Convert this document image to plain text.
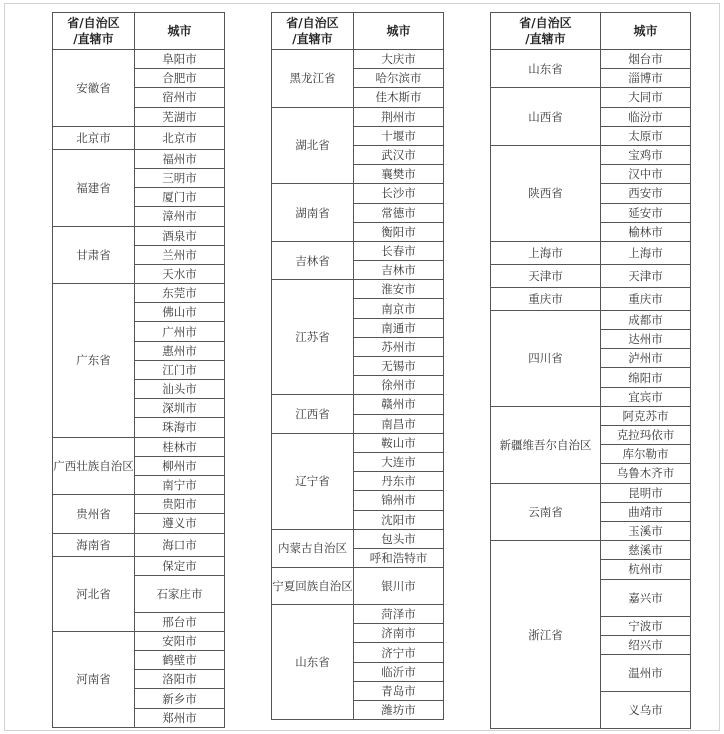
省/自治区
/直辖市	城市
安徽省	阜阳市
	合肥市
	宿州市
	芜湖市
北京市	北京市
福建省	福州市
	三明市
	厦门市
	漳州市
甘肃省	酒泉市
	兰州市
	天水市
广东省	东莞市
	佛山市
	广州市
	惠州市
	江门市
	汕头市
	深圳市
	珠海市
广西壮族自治区	桂林市
	柳州市
	南宁市
贵州省	贵阳市
	遵义市
海南省	海口市
河北省	保定市
	石家庄市
	邢台市
河南省	安阳市
	鹤壁市
	洛阳市
	新乡市
	郑州市
省/自治区
/直辖市	城市
黑龙江省	大庆市
	哈尔滨市
	佳木斯市
湖北省	荆州市
	十堰市
	武汉市
	襄樊市
湖南省	长沙市
	常德市
	衡阳市
吉林省	长春市
	吉林市
江苏省	淮安市
	南京市
	南通市
	苏州市
	无锡市
	徐州市
江西省	赣州市
	南昌市
辽宁省	鞍山市
	大连市
	丹东市
	锦州市
	沈阳市
内蒙古自治区	包头市
	呼和浩特市
宁夏回族自治区	银川市
山东省	菏泽市
	济南市
	济宁市
	临沂市
	青岛市
	潍坊市
省/自治区
/直辖市	城市
山东省	烟台市
	淄博市
山西省	大同市
	临汾市
	太原市
陕西省	宝鸡市
	汉中市
	西安市
	延安市
	榆林市
上海市	上海市
天津市	天津市
重庆市	重庆市
四川省	成都市
	达州市
	泸州市
	绵阳市
	宜宾市
新疆维吾尔自治区	阿克苏市
	克拉玛依市
	库尔勒市
	乌鲁木齐市
云南省	昆明市
	曲靖市
	玉溪市
浙江省	慈溪市
	杭州市
	嘉兴市
	宁波市
	绍兴市
	温州市
	义乌市
